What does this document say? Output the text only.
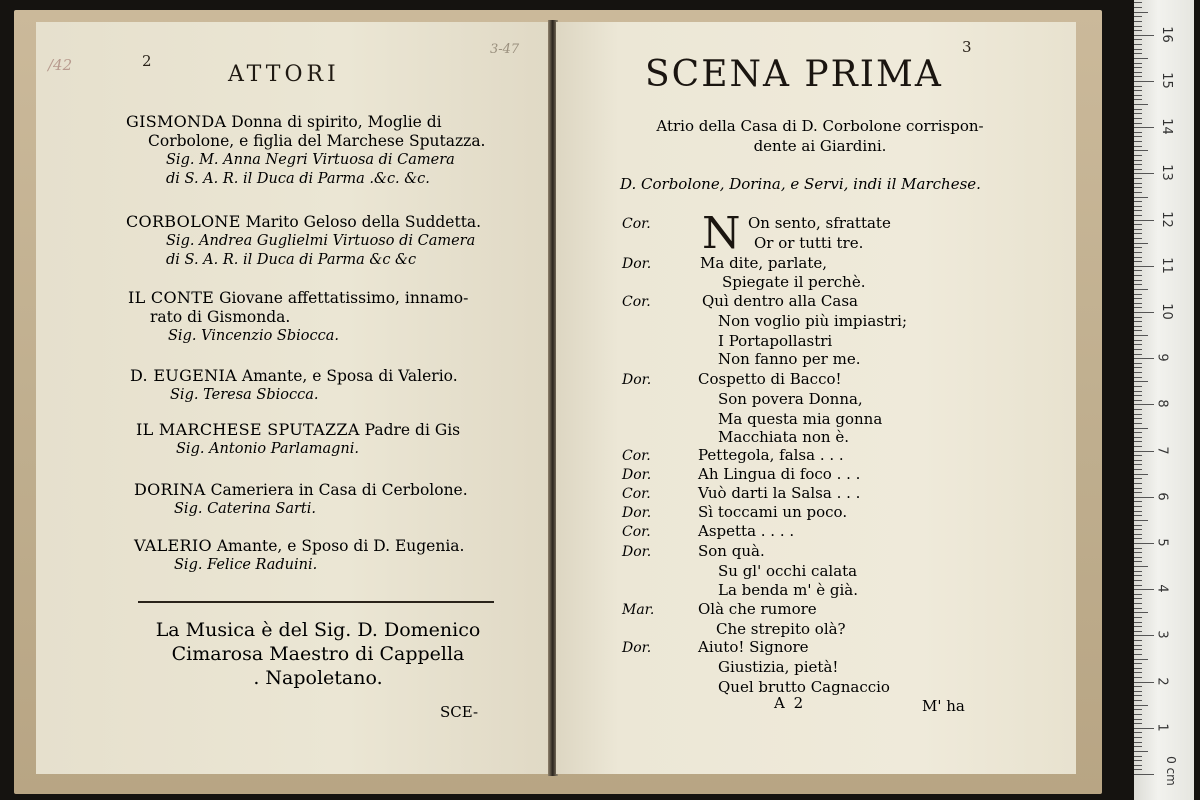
/42
3-47
2
ATTORI
GISMONDA Donna di spirito, Moglie di
Corbolone, e figlia del Marchese Sputazza.
Sig. M. Anna Negri Virtuosa di Camera
di S. A. R. il Duca di Parma .&c. &c.
CORBOLONE Marito Geloso della Suddetta.
Sig. Andrea Guglielmi Virtuoso di Camera
di S. A. R. il Duca di Parma &c &c
IL CONTE Giovane affettatissimo, innamo-
rato di Gismonda.
Sig. Vincenzio Sbiocca.
D. EUGENIA Amante, e Sposa di Valerio.
Sig. Teresa Sbiocca.
IL MARCHESE SPUTAZZA Padre di Gis
Sig. Antonio Parlamagni.
DORINA Cameriera in Casa di Cerbolone.
Sig. Caterina Sarti.
VALERIO Amante, e Sposo di D. Eugenia.
Sig. Felice Raduini.
La Musica è del Sig. D. Domenico
Cimarosa Maestro di Cappella
. Napoletano.
SCE-
3
SCENA PRIMA
Atrio della Casa di D. Corbolone corrispon-
dente ai Giardini.
D. Corbolone, Dorina, e Servi, indi il Marchese.
N
Cor.	On sento, sfrattate
Or or tutti tre.
Dor.	Ma dite, parlate,
Spiegate il perchè.
Cor.	Quì dentro alla Casa
Non voglio più impiastri;
I Portapollastri
Non fanno per me.
Dor.	Cospetto di Bacco!
Son povera Donna,
Ma questa mia gonna
Macchiata non è.
Cor.	Pettegola, falsa . . .
Dor.	Ah Lingua di foco . . .
Cor.	Vuò darti la Salsa . . .
Dor.	Sì toccami un poco.
Cor.	Aspetta . . . .
Dor.	Son quà.
Su gl' occhi calata
La benda m' è già.
Mar.	Olà che rumore
Che strepito olà?
Dor.	Aiuto! Signore
Giustizia, pietà!
Quel brutto Cagnaccio
A 2	M' ha
16
15
14
13
12
11
10
9
8
7
6
5
4
3
2
1
0 cm
